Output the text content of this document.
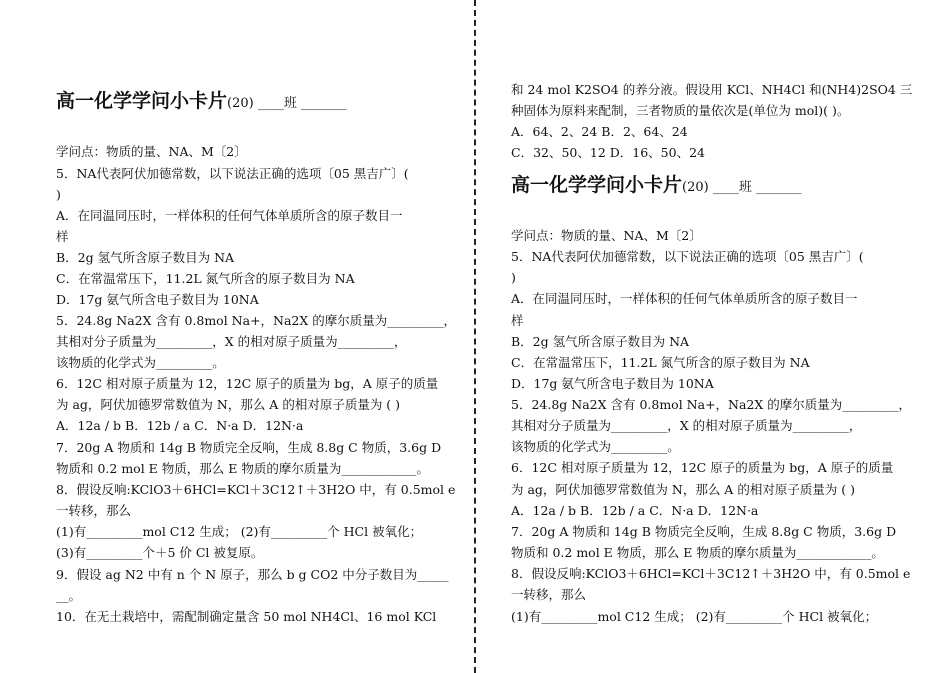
高一化学学问小卡片(20) ____班 _______
学问点：物质的量、NA、M〔2〕
5．NA代表阿伏加德常数，以下说法正确的选项〔05 黑吉广〕(
)
A．在同温同压时，一样体积的任何气体单质所含的原子数目一
样
B．2g 氢气所含原子数目为 NA
C．在常温常压下，11.2L 氮气所含的原子数目为 NA
D．17g 氨气所含电子数目为 10NA
5．24.8g Na2X 含有 0.8mol Na+，Na2X 的摩尔质量为_________，
其相对分子质量为_________，X 的相对原子质量为_________，
该物质的化学式为_________。
6．12C 相对原子质量为 12，12C 原子的质量为 bg，A 原子的质量
为 ag，阿伏加德罗常数值为 N，那么 A 的相对原子质量为 ( )
A．12a / b B．12b / a C．N·a D．12N·a
7．20g A 物质和 14g B 物质完全反响，生成 8.8g C 物质，3.6g D
物质和 0.2 mol E 物质，那么 E 物质的摩尔质量为____________。
8．假设反响:KClO3＋6HCl=KCl＋3C12↑＋3H2O 中，有 0.5mol e
一转移，那么
(1)有_________mol C12 生成； (2)有_________个 HCl 被氧化；
(3)有_________个＋5 价 Cl 被复原。
9．假设 ag N2 中有 n 个 N 原子，那么 b g CO2 中分子数目为_____
__。
10．在无土栽培中，需配制确定量含 50 mol NH4Cl、16 mol KCl
和 24 mol K2SO4 的养分液。假设用 KCl、NH4Cl 和(NH4)2SO4 三
种固体为原料来配制，三者物质的量依次是(单位为 mol)( )。
A．64、2、24 B．2、64、24
C．32、50、12 D．16、50、24
高一化学学问小卡片(20) ____班 _______
学问点：物质的量、NA、M〔2〕
5．NA代表阿伏加德常数，以下说法正确的选项〔05 黑吉广〕(
)
A．在同温同压时，一样体积的任何气体单质所含的原子数目一
样
B．2g 氢气所含原子数目为 NA
C．在常温常压下，11.2L 氮气所含的原子数目为 NA
D．17g 氨气所含电子数目为 10NA
5．24.8g Na2X 含有 0.8mol Na+，Na2X 的摩尔质量为_________，
其相对分子质量为_________，X 的相对原子质量为_________，
该物质的化学式为_________。
6．12C 相对原子质量为 12，12C 原子的质量为 bg，A 原子的质量
为 ag，阿伏加德罗常数值为 N，那么 A 的相对原子质量为 ( )
A．12a / b B．12b / a C．N·a D．12N·a
7．20g A 物质和 14g B 物质完全反响，生成 8.8g C 物质，3.6g D
物质和 0.2 mol E 物质，那么 E 物质的摩尔质量为____________。
8．假设反响:KClO3＋6HCl=KCl＋3C12↑＋3H2O 中，有 0.5mol e
一转移，那么
(1)有_________mol C12 生成； (2)有_________个 HCl 被氧化；
